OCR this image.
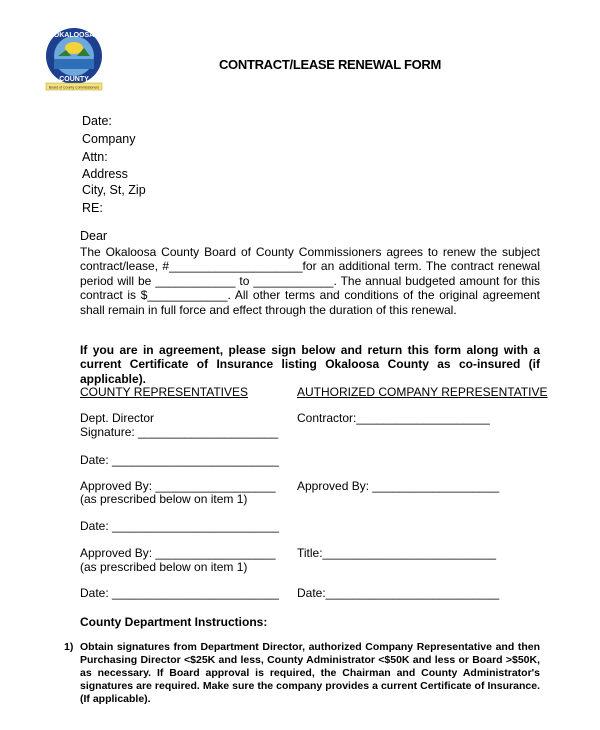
OKALOOSA
COUNTY
Board of County Commissioners
CONTRACT/LEASE RENEWAL FORM
Date:
Company
Attn:
Address
City, St, Zip
RE:
Dear
The Okaloosa County Board of County Commissioners agrees to renew the subject contract/lease, #____________________for an additional term. The contract renewal period will be ____________ to ____________. The annual budgeted amount for this contract is $____________. All other terms and conditions of the original agreement shall remain in full force and effect through the duration of this renewal.
If you are in agreement, please sign below and return this form along with a current Certificate of Insurance listing Okaloosa County as co-insured (if applicable).
COUNTY REPRESENTATIVES
Dept. Director
Signature: _____________________
Date: _________________________
Approved By: __________________
(as prescribed below on item 1)
Date: _________________________
Approved By: __________________
(as prescribed below on item 1)
Date: _________________________
AUTHORIZED COMPANY REPRESENTATIVE
Contractor:____________________
Approved By: ___________________
Title:__________________________
Date:__________________________
County Department Instructions:
1) Obtain signatures from Department Director, authorized Company Representative and then Purchasing Director <$25K and less, County Administrator <$50K and less or Board >$50K, as necessary. If Board approval is required, the Chairman and County Administrator's signatures are required. Make sure the company provides a current Certificate of Insurance. (If applicable).
